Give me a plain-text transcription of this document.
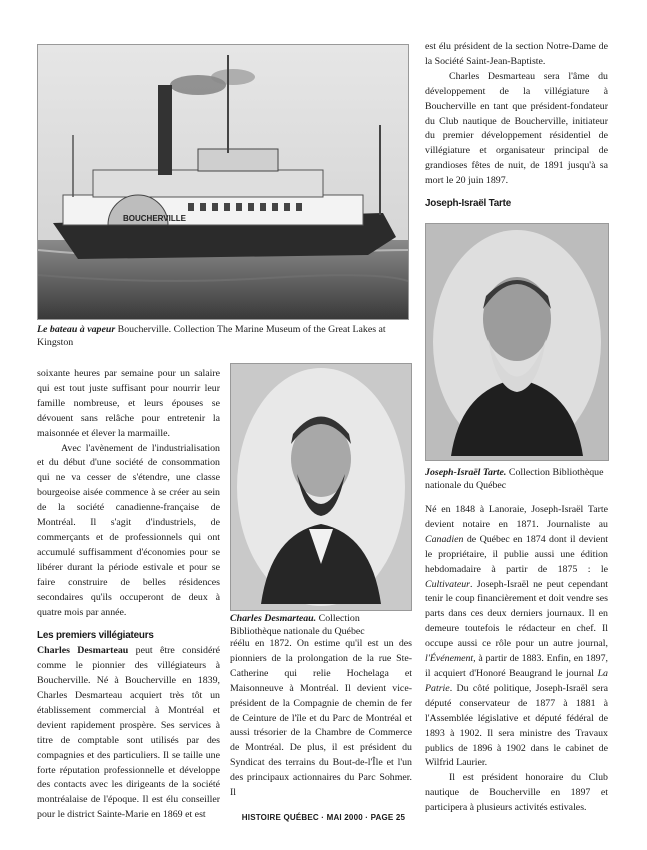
BOUCHERVILLE
Le bateau à vapeur Boucherville. Collection The Marine Museum of the Great Lakes at Kingston

soixante heures par semaine pour un salaire qui est tout juste suffisant pour nourrir leur famille nombreuse, et leurs épouses se dévouent sans relâche pour entretenir la maisonnée et élever la marmaille.

Avec l'avènement de l'industrialisation et du début d'une société de consommation qui ne va cesser de s'étendre, une classe bourgeoise aisée commence à se créer au sein de la société canadienne-française de Montréal. Il s'agit d'industriels, de commerçants et de professionnels qui ont accumulé suffisamment d'économies pour se libérer durant la période estivale et pour se faire construire de belles résidences secondaires qu'ils occuperont de deux à quatre mois par année.

Les premiers villégiateurs

Charles Desmarteau peut être considéré comme le pionnier des villégiateurs à Boucherville. Né à Boucherville en 1839, Charles Desmarteau acquiert très tôt un établissement commercial à Montréal et devient rapidement prospère. Ses services à titre de comptable sont utilisés par des compagnies et des particuliers. Il se taille une forte réputation professionnelle et développe des contacts avec les dirigeants de la société montréalaise de l'époque. Il est élu conseiller pour le district Sainte-Marie en 1869 et est

Charles Desmarteau. Collection Bibliothèque nationale du Québec

réélu en 1872. On estime qu'il est un des pionniers de la prolongation de la rue Ste-Catherine qui relie Hochelaga et Maisonneuve à Montréal. Il devient vice-président de la Compagnie de chemin de fer de Ceinture de l'île et du Parc de Montréal et aussi trésorier de la Chambre de Commerce de Montréal. De plus, il est président du Syndicat des terrains du Bout-de-l'Île et l'un des principaux actionnaires du Parc Sohmer. Il

est élu président de la section Notre-Dame de la Société Saint-Jean-Baptiste.

Charles Desmarteau sera l'âme du développement de la villégiature à Boucherville en tant que président-fondateur du Club nautique de Boucherville, initiateur du premier développement résidentiel de villégiature et organisateur principal de grandioses fêtes de nuit, de 1891 jusqu'à sa mort le 20 juin 1897.

Joseph-Israël Tarte
Joseph-Israël Tarte. Collection Bibliothèque nationale du Québec

Né en 1848 à Lanoraie, Joseph-Israël Tarte devient notaire en 1871. Journaliste au Canadien de Québec en 1874 dont il devient le propriétaire, il publie aussi une édition hebdomadaire à partir de 1875 : le Cultivateur. Joseph-Israël ne peut cependant tenir le coup financièrement et doit vendre ses parts dans ces deux derniers journaux. Il en demeure toutefois le rédacteur en chef. Il occupe aussi ce rôle pour un autre journal, l'Événement, à partir de 1883. Enfin, en 1897, il acquiert d'Honoré Beaugrand le journal La Patrie. Du côté politique, Joseph-Israël sera député conservateur de 1877 à 1881 à l'Assemblée législative et député fédéral de 1893 à 1902. Il sera ministre des Travaux publics de 1896 à 1902 dans le cabinet de Wilfrid Laurier.

Il est président honoraire du Club nautique de Boucherville en 1897 et participera à plusieurs activités estivales.

HISTOIRE QUÉBEC · MAI 2000 · PAGE 25
